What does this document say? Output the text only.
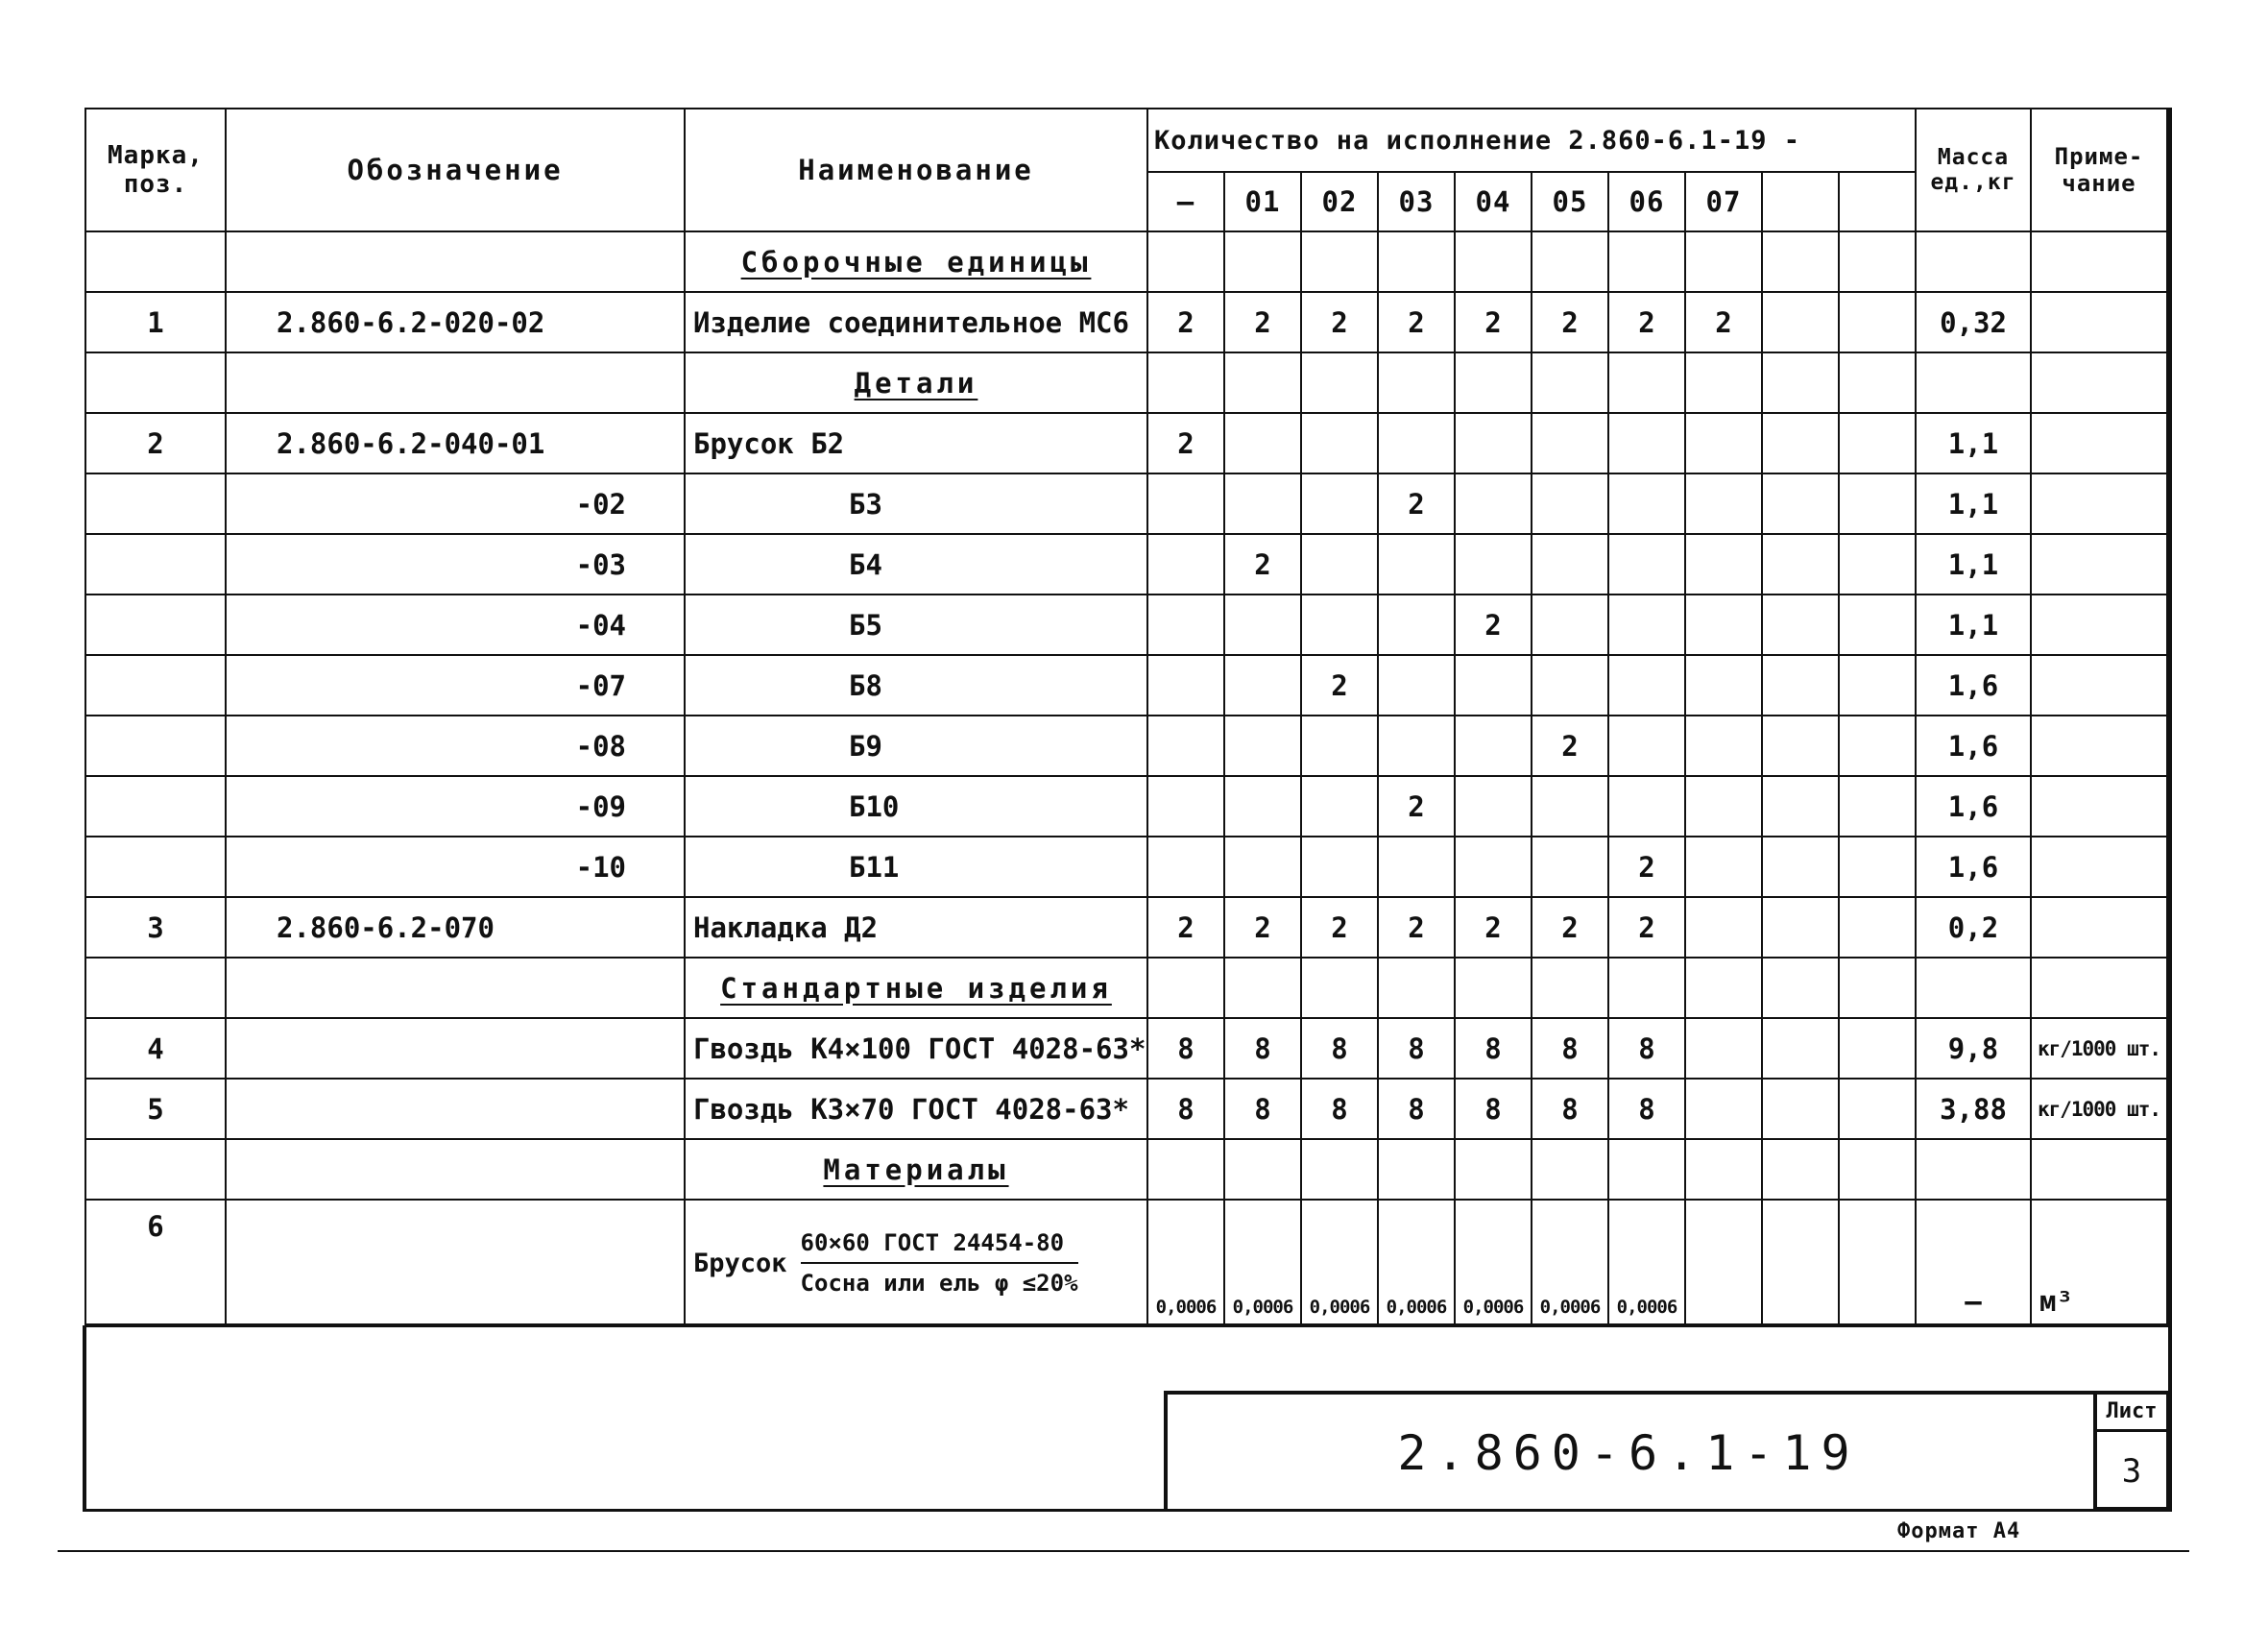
Марка, поз.	Обозначение	Наименование	Количество на исполнение 2.860-6.1-19 -										Масса ед.,кг	Приме-чание
			—	01	02	03	04	05	06	07				
		Сборочные единицы												
1	2.860-6.2-020-02	Изделие соединительное МС6	2	2	2	2	2	2	2	2			0,32	
		Детали												
2	2.860-6.2-040-01	Брусок Б2	2										1,1	
	-02	Б3				2							1,1	
	-03	Б4		2									1,1	
	-04	Б5					2						1,1	
	-07	Б8			2								1,6	
	-08	Б9						2					1,6	
	-09	Б10				2							1,6	
	-10	Б11							2				1,6	
3	2.860-6.2-070	Накладка Д2	2	2	2	2	2	2	2				0,2	
		Стандартные изделия												
4		Гвоздь К4×100 ГОСТ 4028-63*	8	8	8	8	8	8	8				9,8	кг/1000 шт.
5		Гвоздь К3×70 ГОСТ 4028-63*	8	8	8	8	8	8	8				3,88	кг/1000 шт.
		Материалы												
6		Брусок
60×60 ГОСТ 24454-80
Сосна или ель φ ≤20%	0,0006	0,0006	0,0006	0,0006	0,0006	0,0006	0,0006				—	м³
2.860-6.1-19
Лист
3
Формат А4
